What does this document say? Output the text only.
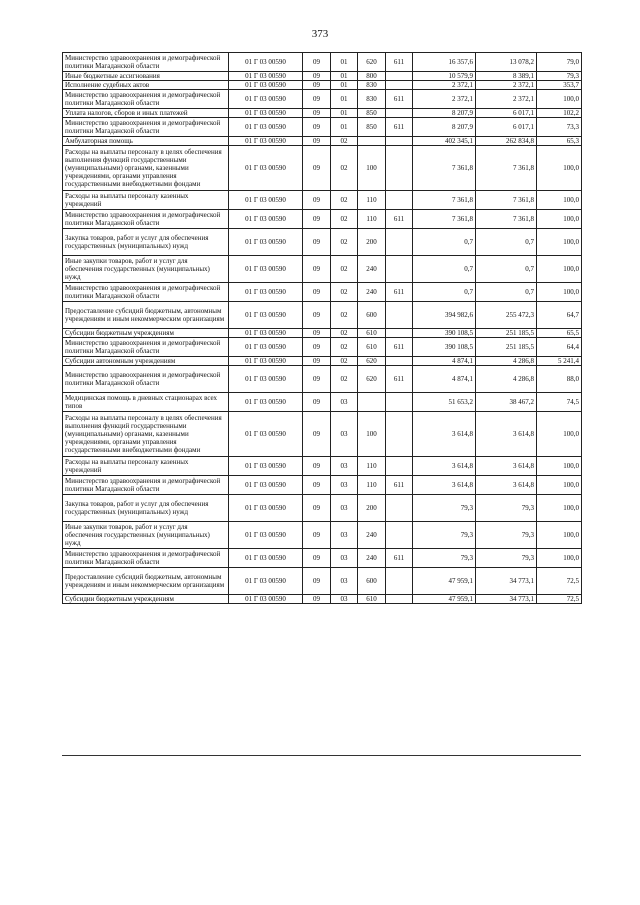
373
Министерство здравоохранения и демографической политики Магаданской области	01 Г 03 00590	09	01	620	611	16 357,6	13 078,2	79,0
Иные бюджетные ассигнования	01 Г 03 00590	09	01	800		10 579,9	8 389,1	79,3
Исполнение судебных актов	01 Г 03 00590	09	01	830		2 372,1	2 372,1	353,7
Министерство здравоохранения и демографической политики Магаданской области	01 Г 03 00590	09	01	830	611	2 372,1	2 372,1	100,0
Уплата налогов, сборов и иных платежей	01 Г 03 00590	09	01	850		8 207,9	6 017,1	102,2
Министерство здравоохранения и демографической политики Магаданской области	01 Г 03 00590	09	01	850	611	8 207,9	6 017,1	73,3
Амбулаторная помощь	01 Г 03 00590	09	02			402 345,1	262 834,8	65,3
Расходы на выплаты персоналу в целях обеспечения выполнения функций государственными (муниципальными) органами, казенными учреждениями, органами управления государственными внебюджетными фондами	01 Г 03 00590	09	02	100		7 361,8	7 361,8	100,0
Расходы на выплаты персоналу казенных учреждений	01 Г 03 00590	09	02	110		7 361,8	7 361,8	100,0
Министерство здравоохранения и демографической политики Магаданской области	01 Г 03 00590	09	02	110	611	7 361,8	7 361,8	100,0
Закупка товаров, работ и услуг для обеспечения государственных (муниципальных) нужд	01 Г 03 00590	09	02	200		0,7	0,7	100,0
Иные закупки товаров, работ и услуг для обеспечения государственных (муниципальных) нужд	01 Г 03 00590	09	02	240		0,7	0,7	100,0
Министерство здравоохранения и демографической политики Магаданской области	01 Г 03 00590	09	02	240	611	0,7	0,7	100,0
Предоставление субсидий бюджетным, автономным учреждениям и иным некоммерческим организациям	01 Г 03 00590	09	02	600		394 982,6	255 472,3	64,7
Субсидии бюджетным учреждениям	01 Г 03 00590	09	02	610		390 108,5	251 185,5	65,5
Министерство здравоохранения и демографической политики Магаданской области	01 Г 03 00590	09	02	610	611	390 108,5	251 185,5	64,4
Субсидии автономным учреждениям	01 Г 03 00590	09	02	620		4 874,1	4 286,8	5 241,4
Министерство здравоохранения и демографической политики Магаданской области	01 Г 03 00590	09	02	620	611	4 874,1	4 286,8	88,0
Медицинская помощь в дневных стационарах всех типов	01 Г 03 00590	09	03			51 653,2	38 467,2	74,5
Расходы на выплаты персоналу в целях обеспечения выполнения функций государственными (муниципальными) органами, казенными учреждениями, органами управления государственными внебюджетными фондами	01 Г 03 00590	09	03	100		3 614,8	3 614,8	100,0
Расходы на выплаты персоналу казенных учреждений	01 Г 03 00590	09	03	110		3 614,8	3 614,8	100,0
Министерство здравоохранения и демографической политики Магаданской области	01 Г 03 00590	09	03	110	611	3 614,8	3 614,8	100,0
Закупка товаров, работ и услуг для обеспечения государственных (муниципальных) нужд	01 Г 03 00590	09	03	200		79,3	79,3	100,0
Иные закупки товаров, работ и услуг для обеспечения государственных (муниципальных) нужд	01 Г 03 00590	09	03	240		79,3	79,3	100,0
Министерство здравоохранения и демографической политики Магаданской области	01 Г 03 00590	09	03	240	611	79,3	79,3	100,0
Предоставление субсидий бюджетным, автономным учреждениям и иным некоммерческим организациям	01 Г 03 00590	09	03	600		47 959,1	34 773,1	72,5
Субсидии бюджетным учреждениям	01 Г 03 00590	09	03	610		47 959,1	34 773,1	72,5
